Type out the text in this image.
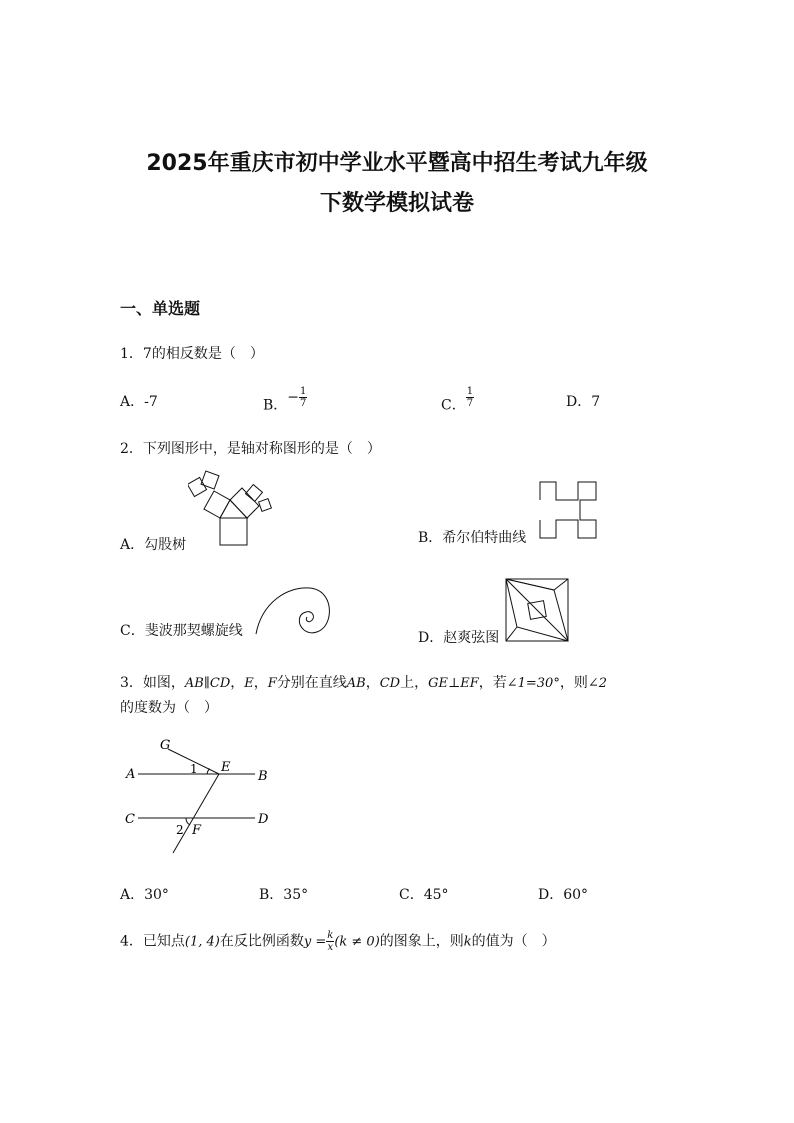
2025年重庆市初中学业水平暨高中招生考试九年级
下数学模拟试卷
一、单选题
1．7的相反数是（　）
A．-7	B．− $\frac{1}{7}$	C． $\frac{1}{7}$	D．7
2．下列图形中，是轴对称图形的是（　）
A．勾股树	B．希尔伯特曲线
C．斐波那契螺旋线	D．赵爽弦图
3．如图，AB∥CD，E，F分别在直线AB，CD上，GE⊥EF，若∠1=30°，则∠2
的度数为（　）
G
A	1 E
B
C	D
2 F
A．30°	B．35°	C．45°	D．60°
4．已知点(1, 4)在反比例函数$y = \frac{k}{x} (k \ne 0)$的图象上，则k的值为（　）
